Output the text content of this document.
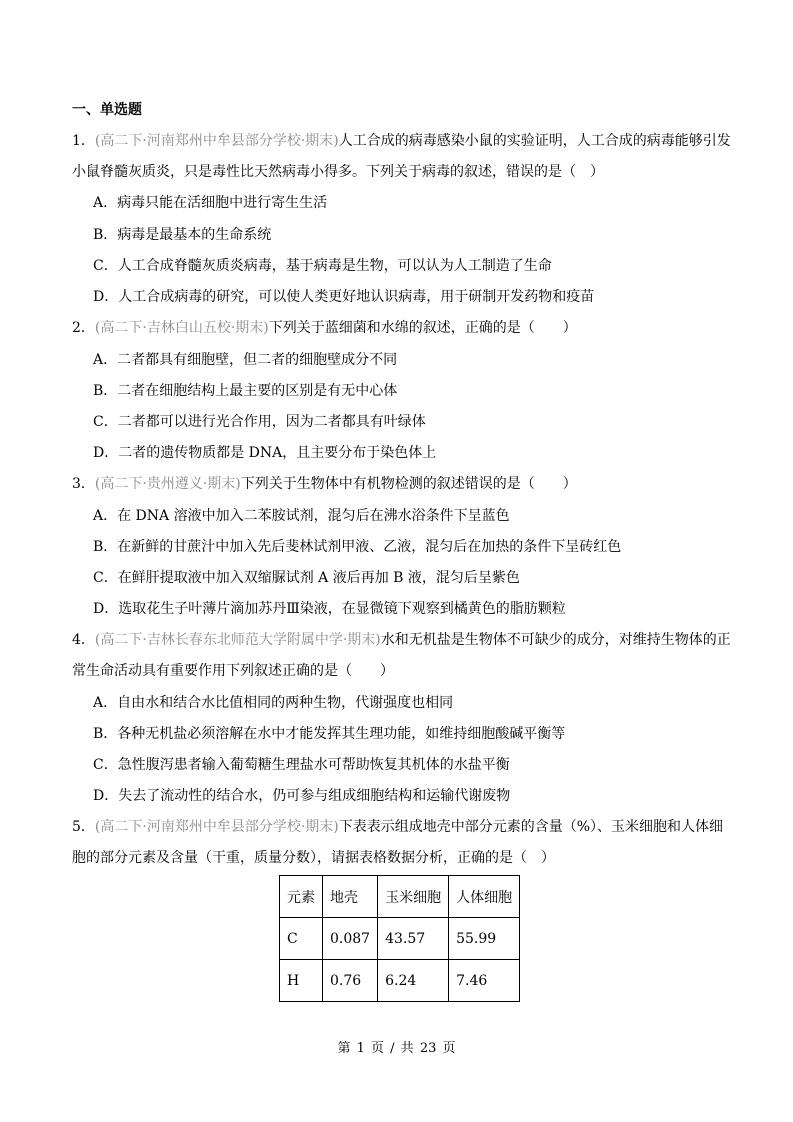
一、单选题
1．(高二下·河南郑州中牟县部分学校·期末)人工合成的病毒感染小鼠的实验证明，人工合成的病毒能够引发
小鼠脊髓灰质炎，只是毒性比天然病毒小得多。下列关于病毒的叙述，错误的是（　）
A．病毒只能在活细胞中进行寄生生活
B．病毒是最基本的生命系统
C．人工合成脊髓灰质炎病毒，基于病毒是生物，可以认为人工制造了生命
D．人工合成病毒的研究，可以使人类更好地认识病毒，用于研制开发药物和疫苗
2．(高二下·吉林白山五校·期末)下列关于蓝细菌和水绵的叙述，正确的是（　　）
A．二者都具有细胞壁，但二者的细胞壁成分不同
B．二者在细胞结构上最主要的区别是有无中心体
C．二者都可以进行光合作用，因为二者都具有叶绿体
D．二者的遗传物质都是 DNA，且主要分布于染色体上
3．(高二下·贵州遵义·期末)下列关于生物体中有机物检测的叙述错误的是（　　）
A．在 DNA 溶液中加入二苯胺试剂，混匀后在沸水浴条件下呈蓝色
B．在新鲜的甘蔗汁中加入先后斐林试剂甲液、乙液，混匀后在加热的条件下呈砖红色
C．在鲜肝提取液中加入双缩脲试剂 A 液后再加 B 液，混匀后呈紫色
D．选取花生子叶薄片滴加苏丹Ⅲ染液，在显微镜下观察到橘黄色的脂肪颗粒
4．(高二下·吉林长春东北师范大学附属中学·期末)水和无机盐是生物体不可缺少的成分，对维持生物体的正
常生命活动具有重要作用下列叙述正确的是（　　）
A．自由水和结合水比值相同的两种生物，代谢强度也相同
B．各种无机盐必须溶解在水中才能发挥其生理功能，如维持细胞酸碱平衡等
C．急性腹泻患者输入葡萄糖生理盐水可帮助恢复其机体的水盐平衡
D．失去了流动性的结合水，仍可参与组成细胞结构和运输代谢废物
5．(高二下·河南郑州中牟县部分学校·期末)下表表示组成地壳中部分元素的含量（%）、玉米细胞和人体细
胞的部分元素及含量（干重，质量分数），请据表格数据分析，正确的是（　）
元素	地壳	玉米细胞	人体细胞
C	0.087	43.57	55.99
H	0.76	6.24	7.46
第 1 页 / 共 23 页
